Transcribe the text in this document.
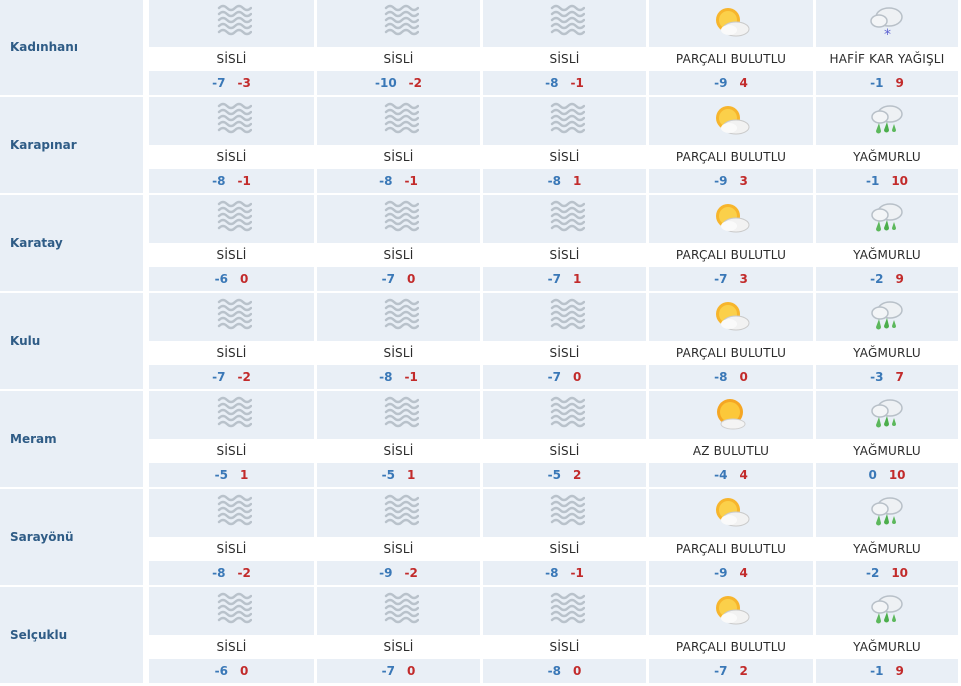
Kadınhanı
SİSLİ
-7 -3
SİSLİ
-10 -2
SİSLİ
-8 -1
PARÇALI BULUTLU
-9 4
*
HAFİF KAR YAĞIŞLI
-1 9
Karapınar
SİSLİ
-8 -1
SİSLİ
-8 -1
SİSLİ
-8 1
PARÇALI BULUTLU
-9 3
YAĞMURLU
-1 10
Karatay
SİSLİ
-6 0
SİSLİ
-7 0
SİSLİ
-7 1
PARÇALI BULUTLU
-7 3
YAĞMURLU
-2 9
Kulu
SİSLİ
-7 -2
SİSLİ
-8 -1
SİSLİ
-7 0
PARÇALI BULUTLU
-8 0
YAĞMURLU
-3 7
Meram
SİSLİ
-5 1
SİSLİ
-5 1
SİSLİ
-5 2
AZ BULUTLU
-4 4
YAĞMURLU
0 10
Sarayönü
SİSLİ
-8 -2
SİSLİ
-9 -2
SİSLİ
-8 -1
PARÇALI BULUTLU
-9 4
YAĞMURLU
-2 10
Selçuklu
SİSLİ
-6 0
SİSLİ
-7 0
SİSLİ
-8 0
PARÇALI BULUTLU
-7 2
YAĞMURLU
-1 9
